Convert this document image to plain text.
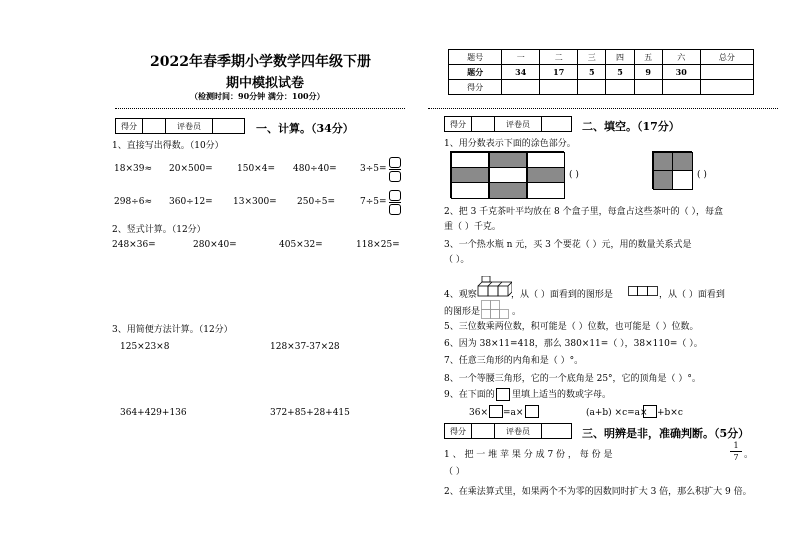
2022年春季期小学数学四年级下册
期中模拟试卷
（检测时间：90分钟 满分：100分）
得分		评卷员		一、计算。（34分）
1、直接写出得数。（10分）
18×39≈ 20×500=	150×4= 480÷40=	3÷5=
298÷6≈ 360÷12= 13×300= 250÷5=	7÷5=
2、竖式计算。（12分）
248×36=	280×40=	405×32=	118×25=
3、用简便方法计算。（12分）
125×23×8	128×37-37×28
364+429+136	372+85+28+415
题号	一	二	三	四	五	六	总分
题分	34	17	5	5	9	30	
得分							
得分		评卷员		二、填空。（17分）
1、用分数表示下面的涂色部分。
( )	( )
2、把 3 千克茶叶平均放在 8 个盒子里，每盒占这些茶叶的（ ），每盒
重（ ）千克。
3、一个热水瓶 n 元，买 3 个要花（ ）元，用的数量关系式是
（ ）。
4、观察	，从（ ）面看到的图形是	，从（ ）面看到
的图形是	。
5、三位数乘两位数，积可能是（ ）位数，也可能是（ ）位数。
6、因为 38×11=418，那么 380×11=（ ），38×110=（ ）。
7、任意三角形的内角和是（ ）°。
8、一个等腰三角形，它的一个底角是 25°，它的顶角是（ ）°。
9、在下面的 里填上适当的数或字母。
36× =a×	(a+b) ×c=a× +b×c
得分		评卷员		三、明辨是非，准确判断。（5分）
1 、 把 一 堆 苹 果 分 成 7 份 ， 每 份 是
1
7 。
（ ）
2、在乘法算式里，如果两个不为零的因数同时扩大 3 倍，那么积扩大 9 倍。
